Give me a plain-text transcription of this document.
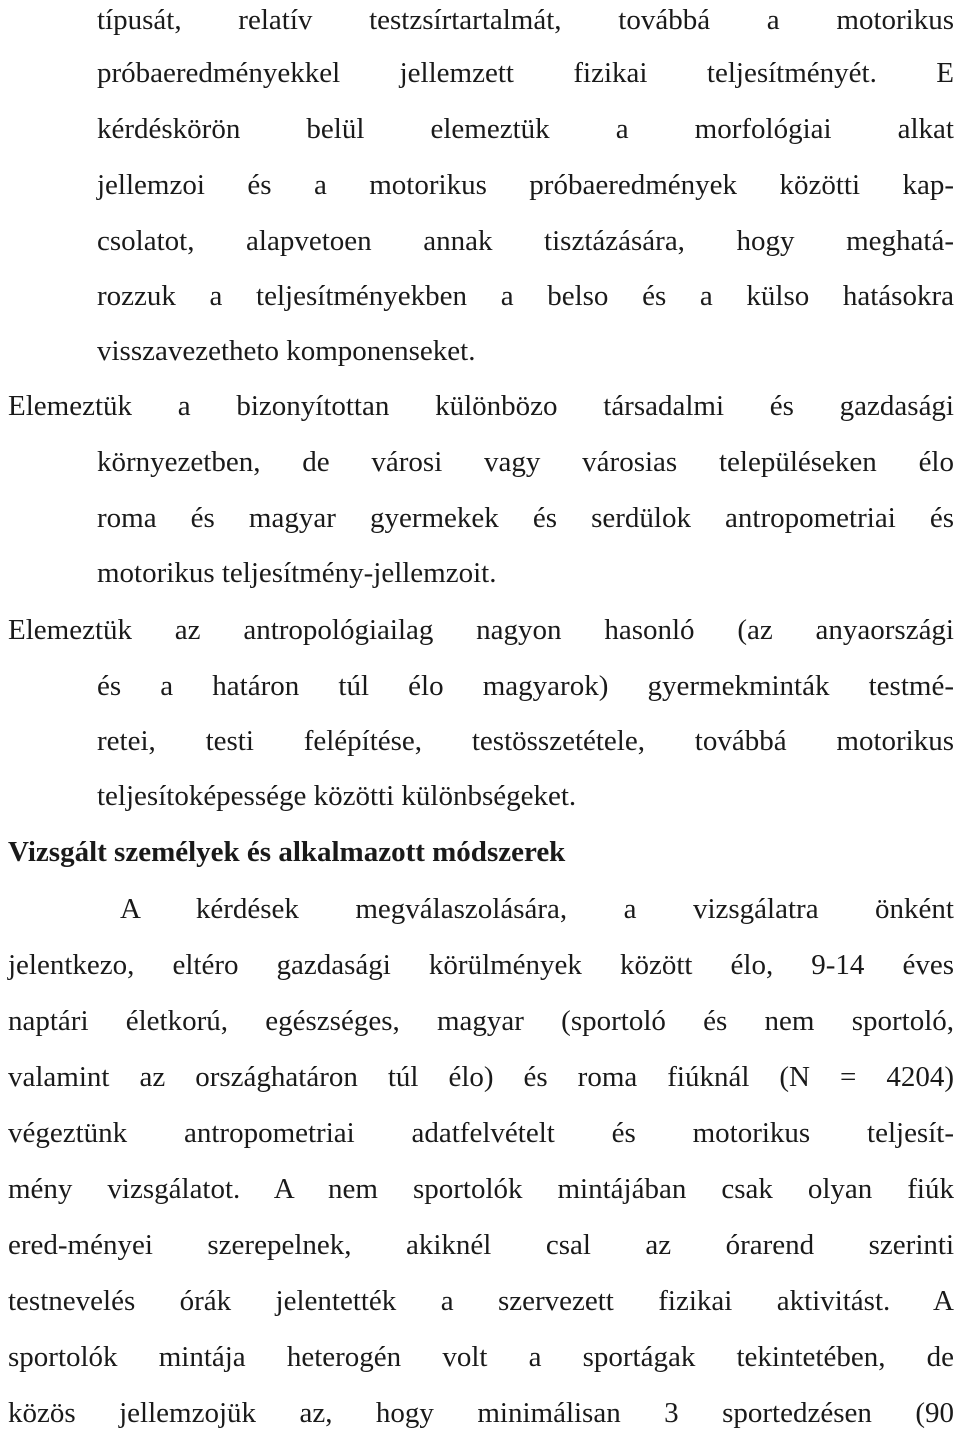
típusát, relatív testzsírtartalmát, továbbá a motorikus
próbaeredményekkel jellemzett fizikai teljesítményét. E
kérdéskörön belül elemeztük a morfológiai alkat
jellemzoi és a motorikus próbaeredmények közötti kap-
csolatot, alapvetoen annak tisztázására, hogy meghatá-
rozzuk a teljesítményekben a belso és a külso hatásokra
visszavezetheto komponenseket.
Elemeztük a bizonyítottan különbözo társadalmi és gazdasági
környezetben, de városi vagy városias településeken élo
roma és magyar gyermekek és serdülok antropometriai és
motorikus teljesítmény-jellemzoit.
Elemeztük az antropológiailag nagyon hasonló (az anyaországi
és a határon túl élo magyarok) gyermekminták testmé-
retei, testi felépítése, testösszetétele, továbbá motorikus
teljesítoképessége közötti különbségeket.
Vizsgált személyek és alkalmazott módszerek
A kérdések megválaszolására, a vizsgálatra önként
jelentkezo, eltéro gazdasági körülmények között élo, 9-14 éves
naptári életkorú, egészséges, magyar (sportoló és nem sportoló,
valamint az országhatáron túl élo) és roma fiúknál (N = 4204)
végeztünk antropometriai adatfelvételt és motorikus teljesít-
mény vizsgálatot. A nem sportolók mintájában csak olyan fiúk
ered-ményei szerepelnek, akiknél csal az órarend szerinti
testnevelés órák jelentették a szervezett fizikai aktivitást. A
sportolók mintája heterogén volt a sportágak tekintetében, de
közös jellemzojük az, hogy minimálisan 3 sportedzésen (90
